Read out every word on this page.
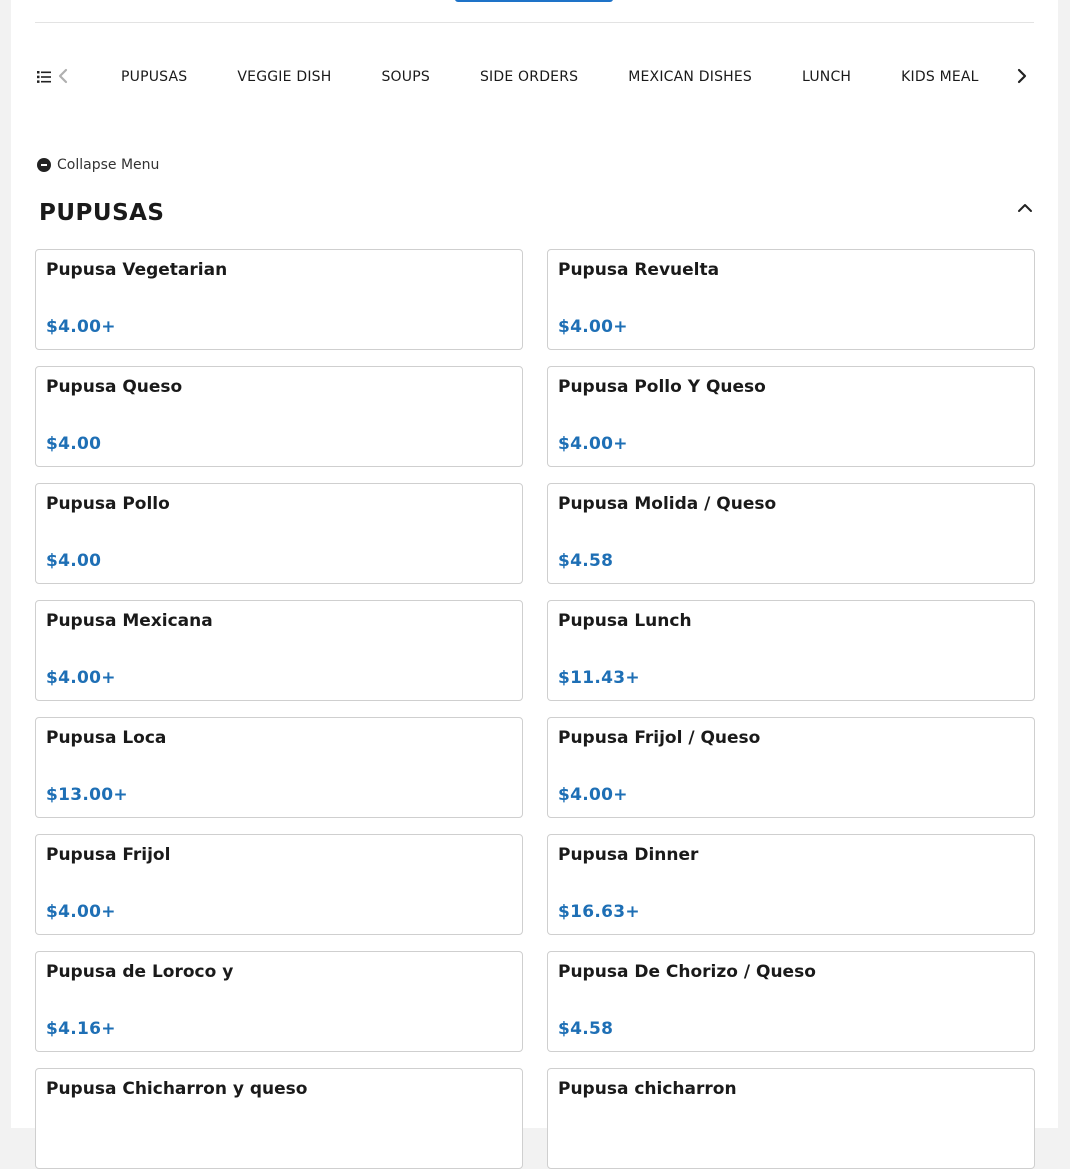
PUPUSAS	VEGGIE DISH	SOUPS	SIDE ORDERS	MEXICAN DISHES	LUNCH	KIDS MEAL
Collapse Menu
PUPUSAS
Pupusa Vegetarian
$4.00+
Pupusa Revuelta
$4.00+
Pupusa Queso
$4.00
Pupusa Pollo Y Queso
$4.00+
Pupusa Pollo
$4.00
Pupusa Molida / Queso
$4.58
Pupusa Mexicana
$4.00+
Pupusa Lunch
$11.43+
Pupusa Loca
$13.00+
Pupusa Frijol / Queso
$4.00+
Pupusa Frijol
$4.00+
Pupusa Dinner
$16.63+
Pupusa de Loroco y
$4.16+
Pupusa De Chorizo / Queso
$4.58
Pupusa Chicharron y queso	Pupusa chicharron
